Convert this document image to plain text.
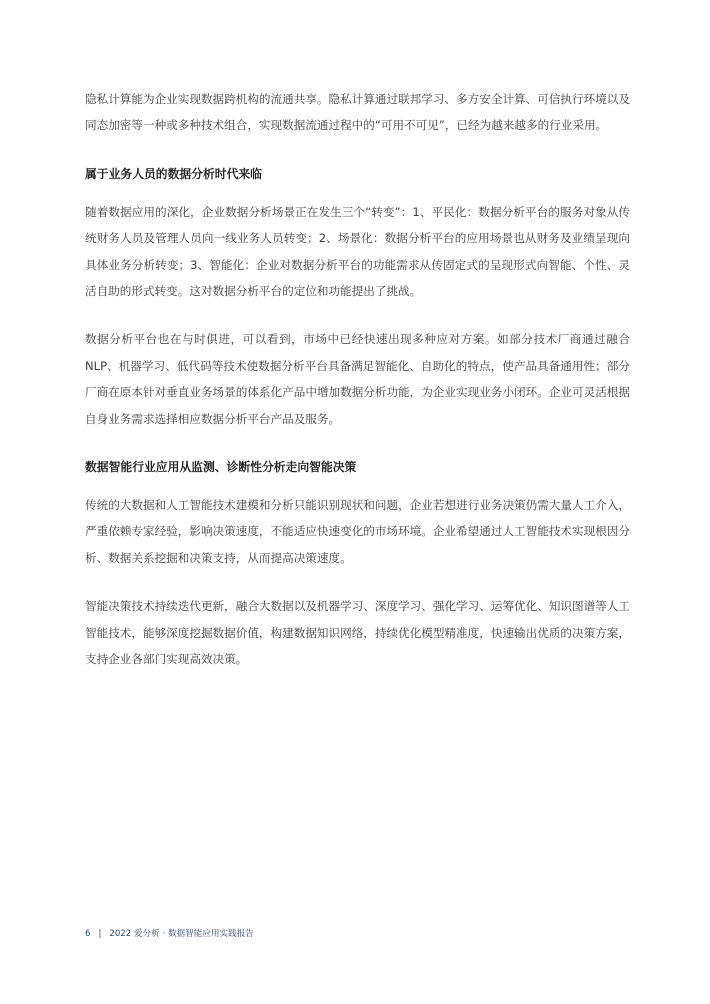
隐私计算能为企业实现数据跨机构的流通共享。隐私计算通过联邦学习、多方安全计算、可信执行环境以及同态加密等一种或多种技术组合，实现数据流通过程中的“可用不可见”，已经为越来越多的行业采用。

属于业务人员的数据分析时代来临

随着数据应用的深化，企业数据分析场景正在发生三个“转变”：1、平民化：数据分析平台的服务对象从传统财务人员及管理人员向一线业务人员转变；2、场景化：数据分析平台的应用场景也从财务及业绩呈现向具体业务分析转变；3、智能化：企业对数据分析平台的功能需求从传固定式的呈现形式向智能、个性、灵活自助的形式转变。这对数据分析平台的定位和功能提出了挑战。

数据分析平台也在与时俱进，可以看到，市场中已经快速出现多种应对方案。如部分技术厂商通过融合 NLP、机器学习、低代码等技术使数据分析平台具备满足智能化、自助化的特点，使产品具备通用性；部分厂商在原本针对垂直业务场景的体系化产品中增加数据分析功能，为企业实现业务小闭环。企业可灵活根据自身业务需求选择相应数据分析平台产品及服务。

数据智能行业应用从监测、诊断性分析走向智能决策

传统的大数据和人工智能技术建模和分析只能识别现状和问题，企业若想进行业务决策仍需大量人工介入，严重依赖专家经验，影响决策速度，不能适应快速变化的市场环境。企业希望通过人工智能技术实现根因分析、数据关系挖掘和决策支持，从而提高决策速度。

智能决策技术持续迭代更新，融合大数据以及机器学习、深度学习、强化学习、运筹优化、知识图谱等人工智能技术，能够深度挖掘数据价值，构建数据知识网络，持续优化模型精准度，快速输出优质的决策方案，支持企业各部门实现高效决策。

6 | 2022 爱分析 · 数据智能应用实践报告
